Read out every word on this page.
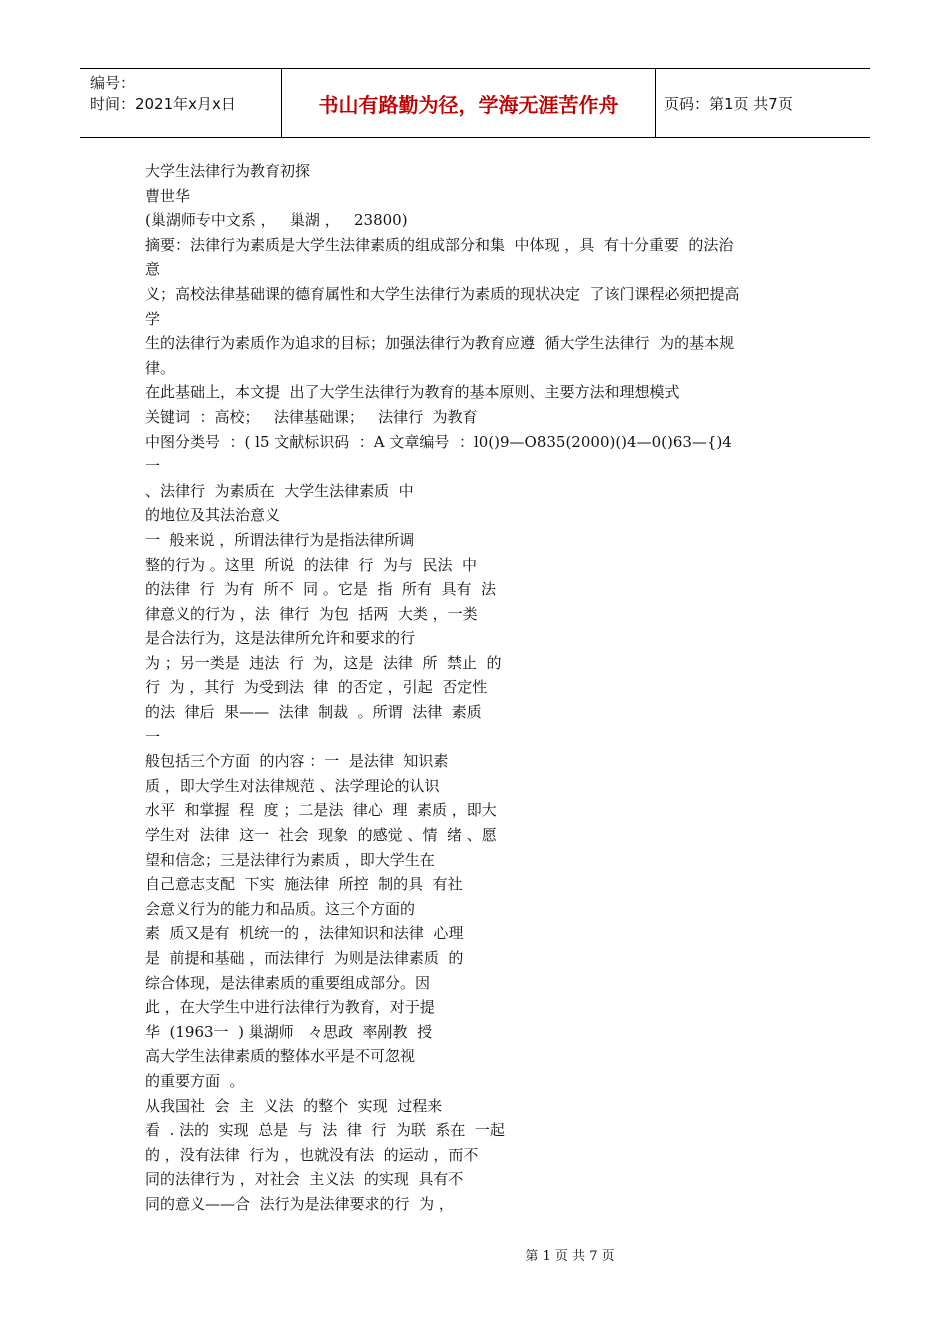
编号：
时间：2021年x月x日	书山有路勤为径，学海无涯苦作舟	页码：第1页 共7页
大学生法律行为教育初探
曹世华
(巢湖师专中文系 ，   巢湖 ，   23800)
摘要：法律行为素质是大学生法律素质的组成部分和集  中体现 ，具  有十分重要  的法治
意
义；高校法律基础课的德育属性和大学生法律行为素质的现状决定  了该门课程必须把提高
学
生的法律行为素质作为追求的目标；加强法律行为教育应遵  循大学生法律行  为的基本规
律。
在此基础上，本文提  出了大学生法律行为教育的基本原则、主要方法和理想模式
关键词  ：高校；   法律基础课；   法律行  为教育
中图分类号  ：( l5 文献标识码  ：A 文章编号  ：l0()9—O835(2000)()4—0()63—{)4
一
、法律行  为素质在  大学生法律素质  中
的地位及其法治意义
一  般来说 ，所谓法律行为是指法律所调
整的行为 。这里  所说  的法律  行  为与  民法  中
的法律  行  为有  所不  同 。它是  指  所有  具有  法
律意义的行为 ，法  律行  为包  括两  大类 ，一类
是合法行为，这是法律所允许和要求的行
为 ；另一类是  违法  行  为，这是  法律  所  禁止  的
行  为 ，其行  为受到法  律  的否定 ，引起  否定性
的法  律后  果——  法律  制裁  。所谓  法律  素质
一
般包括三个方面  的内容 ：一  是法律  知识素
质 ，即大学生对法律规范 、法学理论的认识
水平  和掌握  程  度 ；二是法  律心  理  素质 ，即大
学生对  法律  这一  社会  现象  的感觉 、情  绪 、愿
望和信念；三是法律行为素质 ，即大学生在
自己意志支配  下实  施法律  所控  制的具  有社
会意义行为的能力和品质。这三个方面的
素  质又是有  机统一的 ，法律知识和法律  心理
是  前提和基础 ，而法律行  为则是法律素质  的
综合体现，是法律素质的重要组成部分。因
此 ，在大学生中进行法律行为教育，对于提
华  (1963一  ) 巢湖师   々思政  率剐教  授
高大学生法律素质的整体水平是不可忽视
的重要方面  。
从我国社  会  主  义法  的整个  实现  过程来
看  . 法的  实现  总是  与  法  律  行  为联  系在  一起
的 ，没有法律  行为 ，也就没有法  的运动 ，而不
同的法律行为 ，对社会  主义法  的实现  具有不
同的意义——合  法行为是法律要求的行  为 ，
第 1 页 共 7 页
